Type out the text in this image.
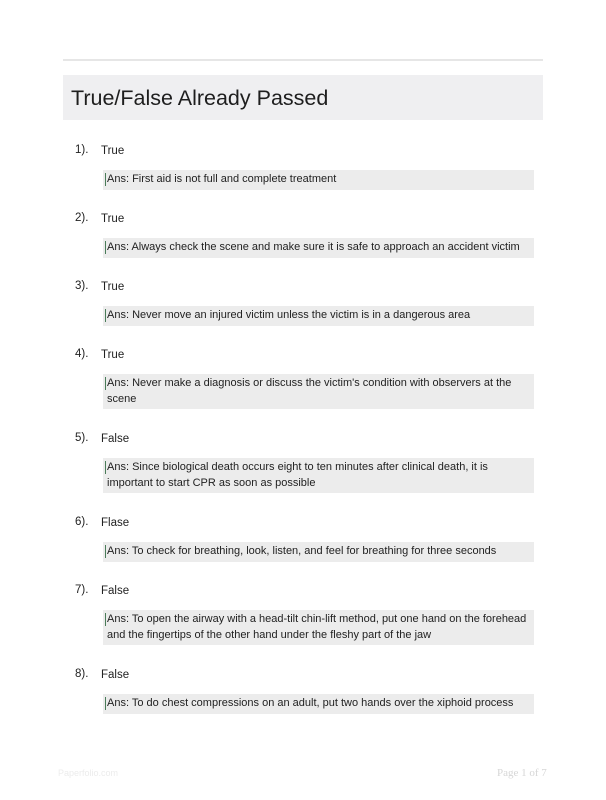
True/False Already Passed
1). True
Ans: First aid is not full and complete treatment
2). True
Ans: Always check the scene and make sure it is safe to approach an accident victim
3). True
Ans: Never move an injured victim unless the victim is in a dangerous area
4). True
Ans: Never make a diagnosis or discuss the victim's condition with observers at the scene
5). False
Ans: Since biological death occurs eight to ten minutes after clinical death, it is important to start CPR as soon as possible
6). Flase
Ans: To check for breathing, look, listen, and feel for breathing for three seconds
7). False
Ans: To open the airway with a head-tilt chin-lift method, put one hand on the forehead and the fingertips of the other hand under the fleshy part of the jaw
8). False
Ans: To do chest compressions on an adult, put two hands over the xiphoid process
Paperfolio.com	Page 1 of 7
